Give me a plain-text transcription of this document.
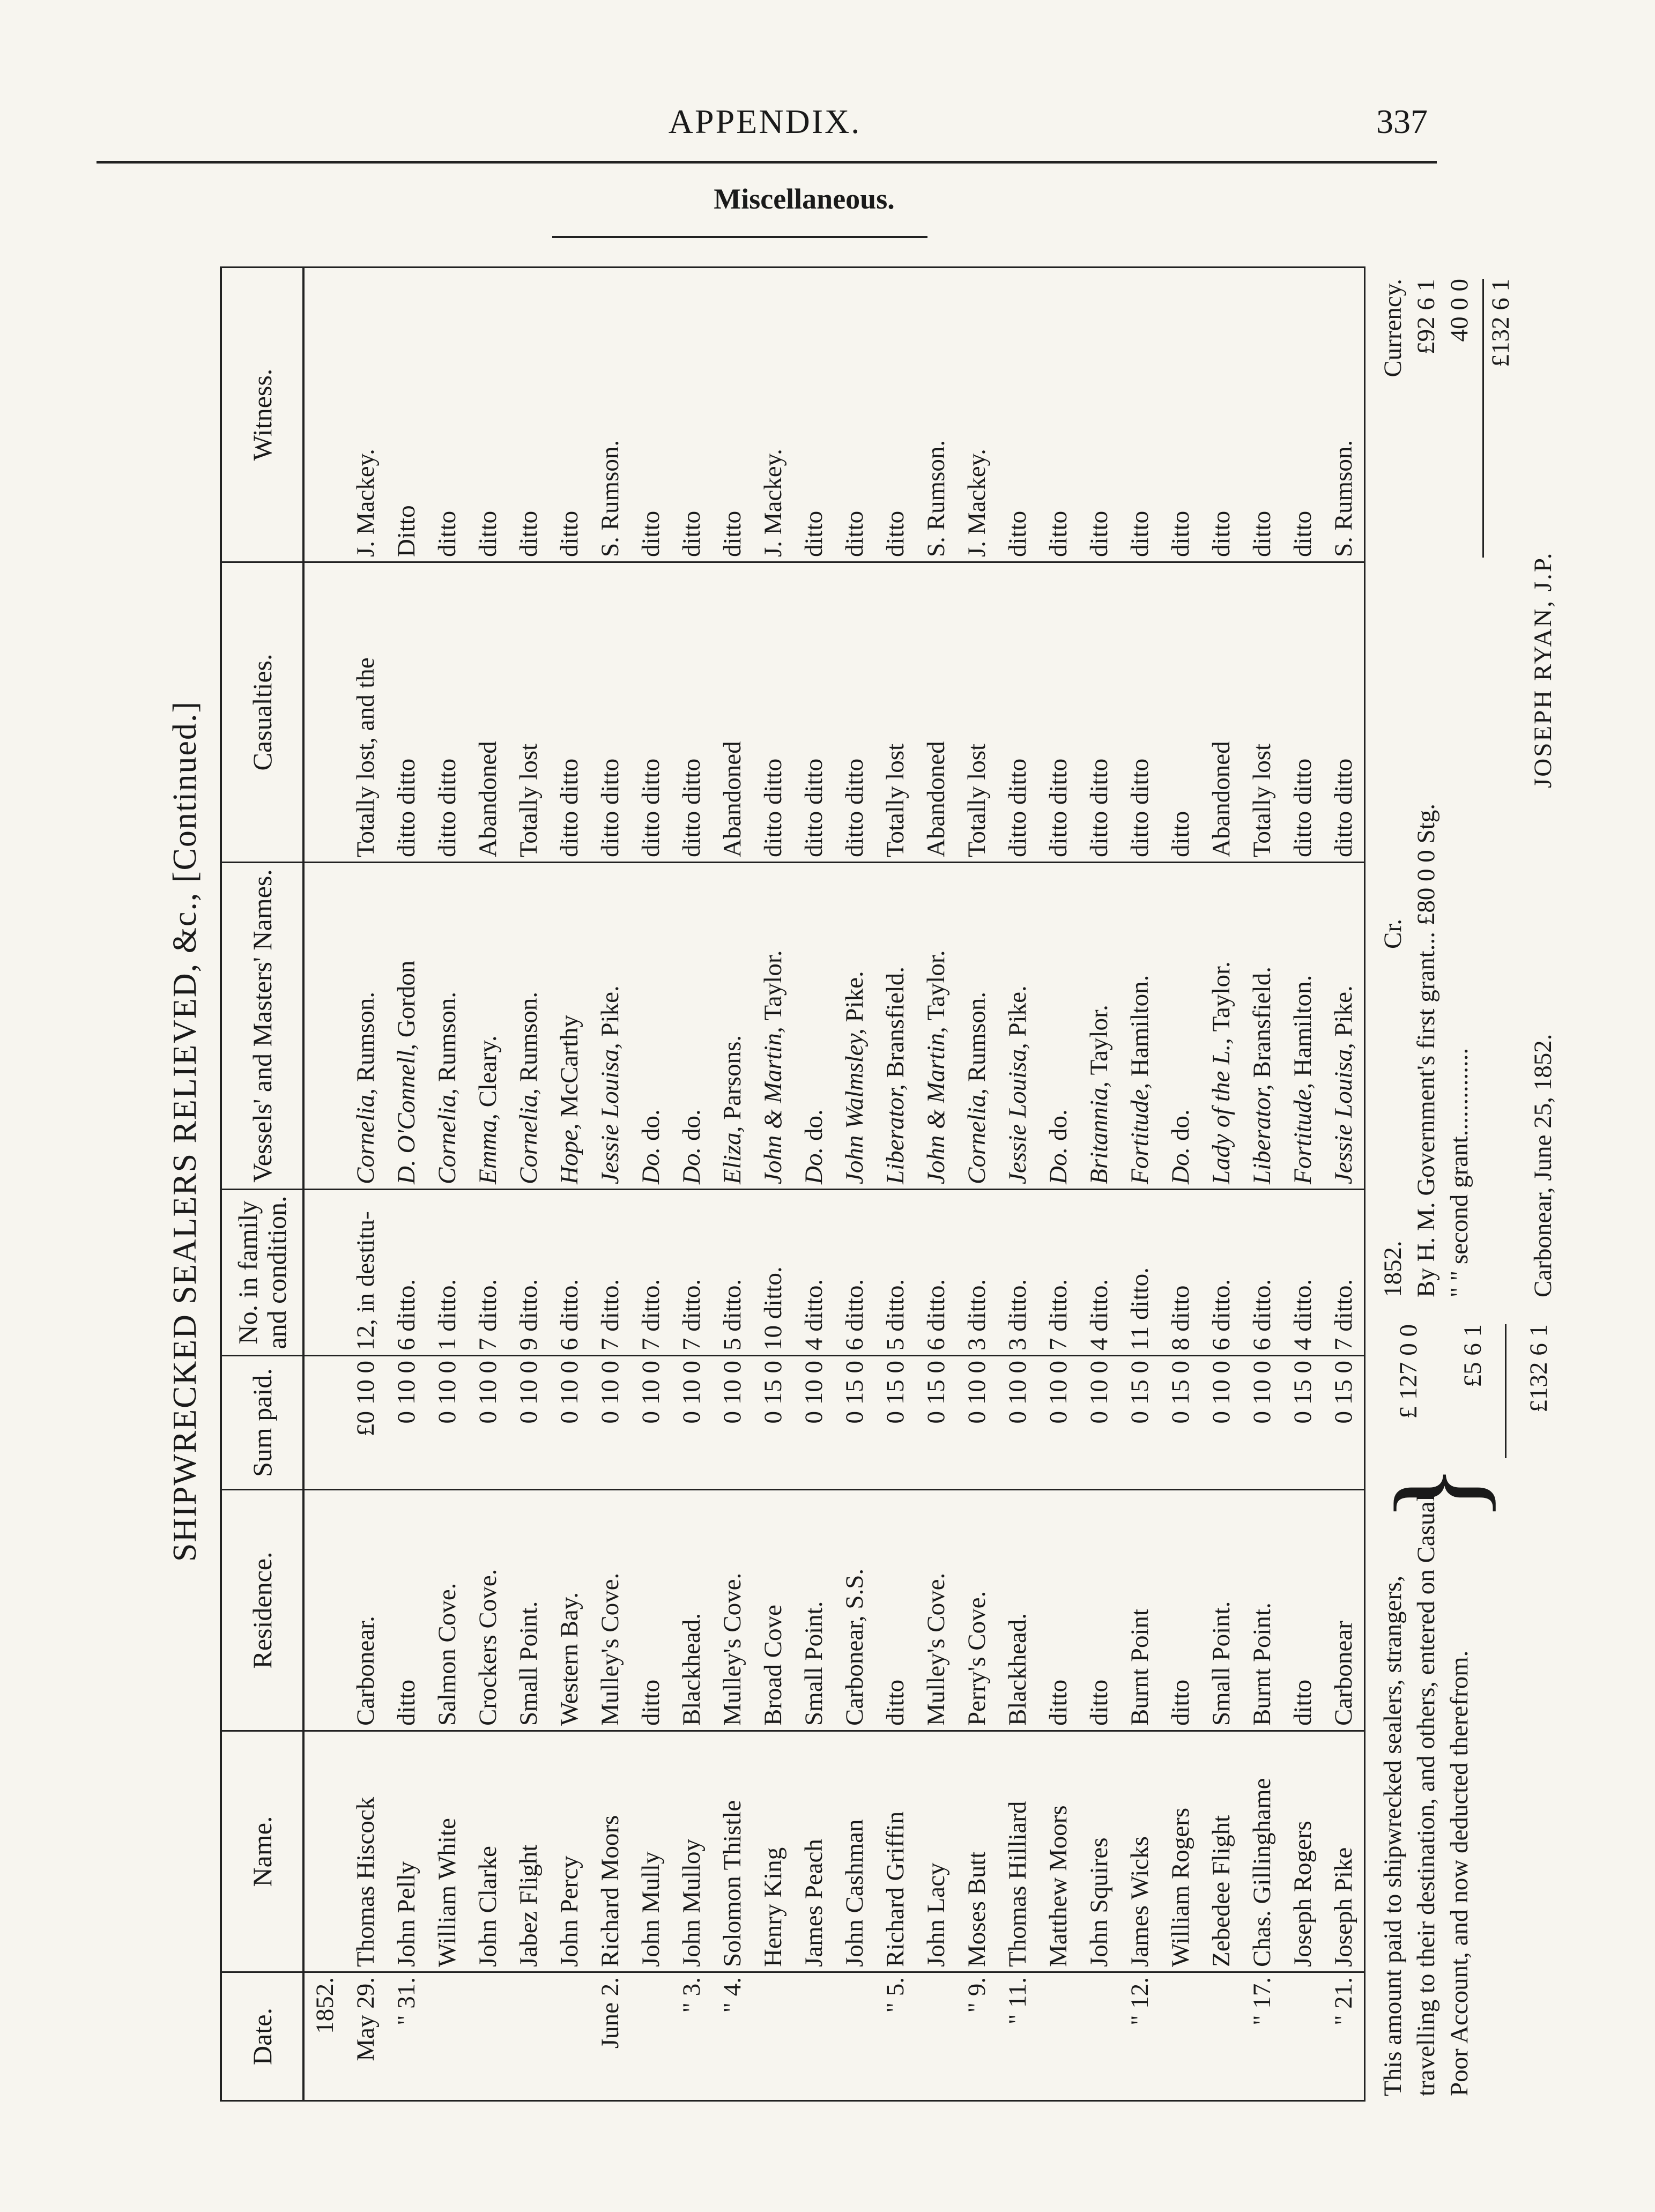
APPENDIX.	337
Miscellaneous.
SHIPWRECKED SEALERS RELIEVED, &c., [Continued.]
Date.	Name.	Residence.	Sum paid.	No. in family and condition.	Vessels' and Masters' Names.	Casualties.	Witness.
1852.							
May 29.	Thomas Hiscock	Carbonear.	£0 10 0	12, in destitu-	Cornelia, Rumson.	Totally lost, and the	J. Mackey.
" 31.	John Pelly	ditto	0 10 0	6 ditto.	D. O'Connell, Gordon	ditto ditto	Ditto
	William White	Salmon Cove.	0 10 0	1 ditto.	Cornelia, Rumson.	ditto ditto	ditto
	John Clarke	Crockers Cove.	0 10 0	7 ditto.	Emma, Cleary.	Abandoned	ditto
	Jabez Flight	Small Point.	0 10 0	9 ditto.	Cornelia, Rumson.	Totally lost	ditto
	John Percy	Western Bay.	0 10 0	6 ditto.	Hope, McCarthy	ditto ditto	ditto
June 2.	Richard Moors	Mulley's Cove.	0 10 0	7 ditto.	Jessie Louisa, Pike.	ditto ditto	S. Rumson.
	John Mully	ditto	0 10 0	7 ditto.	Do. do.	ditto ditto	ditto
" 3.	John Mulloy	Blackhead.	0 10 0	7 ditto.	Do. do.	ditto ditto	ditto
" 4.	Solomon Thistle	Mulley's Cove.	0 10 0	5 ditto.	Eliza, Parsons.	Abandoned	ditto
	Henry King	Broad Cove	0 15 0	10 ditto.	John & Martin, Taylor.	ditto ditto	J. Mackey.
	James Peach	Small Point.	0 10 0	4 ditto.	Do. do.	ditto ditto	ditto
	John Cashman	Carbonear, S.S.	0 15 0	6 ditto.	John Walmsley, Pike.	ditto ditto	ditto
" 5.	Richard Griffin	ditto	0 15 0	5 ditto.	Liberator, Bransfield.	Totally lost	ditto
	John Lacy	Mulley's Cove.	0 15 0	6 ditto.	John & Martin, Taylor.	Abandoned	S. Rumson.
" 9.	Moses Butt	Perry's Cove.	0 10 0	3 ditto.	Cornelia, Rumson.	Totally lost	J. Mackey.
" 11.	Thomas Hilliard	Blackhead.	0 10 0	3 ditto.	Jessie Louisa, Pike.	ditto ditto	ditto
	Matthew Moors	ditto	0 10 0	7 ditto.	Do. do.	ditto ditto	ditto
	John Squires	ditto	0 10 0	4 ditto.	Britannia, Taylor.	ditto ditto	ditto
" 12.	James Wicks	Burnt Point	0 15 0	11 ditto.	Fortitude, Hamilton.	ditto ditto	ditto
	William Rogers	ditto	0 15 0	8 ditto	Do. do.	ditto	ditto
	Zebedee Flight	Small Point.	0 10 0	6 ditto.	Lady of the L., Taylor.	Abandoned	ditto
" 17.	Chas. Gillinghame	Burnt Point.	0 10 0	6 ditto.	Liberator, Bransfield.	Totally lost	ditto
	Joseph Rogers	ditto	0 15 0	4 ditto.	Fortitude, Hamilton.	ditto ditto	ditto
" 21.	Joseph Pike	Carbonear	0 15 0	7 ditto.	Jessie Louisa, Pike.	ditto ditto	S. Rumson.
This amount paid to shipwrecked sealers, strangers, travelling to their destination, and others, entered on Casual Poor Account, and now deducted therefrom.
}
£ 127 0 0	£5 6 1	£132 6 1
1852.
Cr. By H. M. Government's first grant... £80 0 0 Stg. " " second grant..............
Currency. £92 6 1 40 0 0 £132 6 1
Carbonear, June 25, 1852.
JOSEPH RYAN, J.P.
